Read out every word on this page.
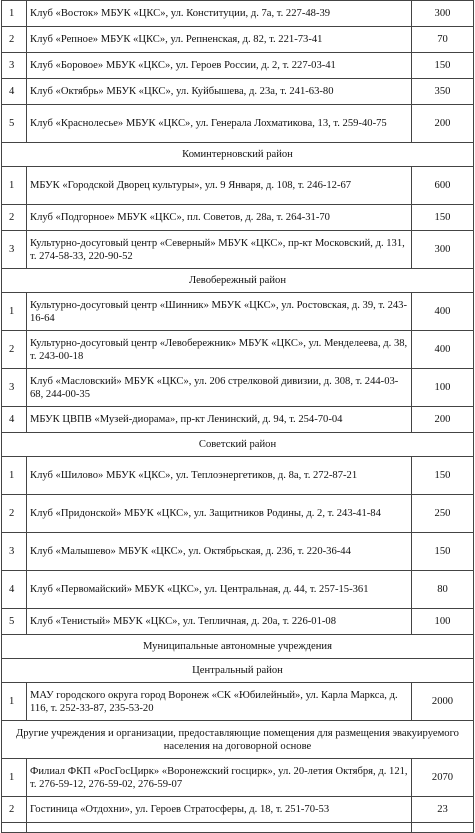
1	Клуб «Восток» МБУК «ЦКС», ул. Конституции, д. 7а, т. 227-48-39	300
2	Клуб «Репное» МБУК «ЦКС», ул. Репненская, д. 82, т. 221-73-41	70
3	Клуб «Боровое» МБУК «ЦКС», ул. Героев России, д. 2, т. 227-03-41	150
4	Клуб «Октябрь» МБУК «ЦКС», ул. Куйбышева, д. 23а, т. 241-63-80	350
5	Клуб «Краснолесье» МБУК «ЦКС», ул. Генерала Лохматикова, 13, т. 259-40-75	200
Коминтерновский район		
1	МБУК «Городской Дворец культуры», ул. 9 Января, д. 108, т. 246-12-67	600
2	Клуб «Подгорное» МБУК «ЦКС», пл. Советов, д. 28а, т. 264-31-70	150
3	Культурно-досуговый центр «Северный» МБУК «ЦКС», пр-кт Московский, д. 131, т. 274-58-33, 220-90-52	300
Левобережный район		
1	Культурно-досуговый центр «Шинник» МБУК «ЦКС», ул. Ростовская, д. 39, т. 243-16-64	400
2	Культурно-досуговый центр «Левобережник» МБУК «ЦКС», ул. Менделеева, д. 38, т. 243-00-18	400
3	Клуб «Масловский» МБУК «ЦКС», ул. 206 стрелковой дивизии, д. 308, т. 244-03-68, 244-00-35	100
4	МБУК ЦВПВ «Музей-диорама», пр-кт Ленинский, д. 94, т. 254-70-04	200
Советский район		
1	Клуб «Шилово» МБУК «ЦКС», ул. Теплоэнергетиков, д. 8а, т. 272-87-21	150
2	Клуб «Придонской» МБУК «ЦКС», ул. Защитников Родины, д. 2, т. 243-41-84	250
3	Клуб «Малышево» МБУК «ЦКС», ул. Октябрьская, д. 236, т. 220-36-44	150
4	Клуб «Первомайский» МБУК «ЦКС», ул. Центральная, д. 44, т. 257-15-361	80
5	Клуб «Тенистый» МБУК «ЦКС», ул. Тепличная, д. 20а, т. 226-01-08	100
Муниципальные автономные учреждения		
Центральный район		
1	МАУ городского округа город Воронеж «СК «Юбилейный», ул. Карла Маркса, д. 116, т. 252-33-87, 235-53-20	2000
Другие учреждения и организации, предоставляющие помещения для размещения эвакуируемого населения на договорной основе		
1	Филиал ФКП «РосГосЦирк» «Воронежский госцирк», ул. 20-летия Октября, д. 121, т. 276-59-12, 276-59-02, 276-59-07	2070
2	Гостиница «Отдохни», ул. Героев Стратосферы, д. 18, т. 251-70-53	23
